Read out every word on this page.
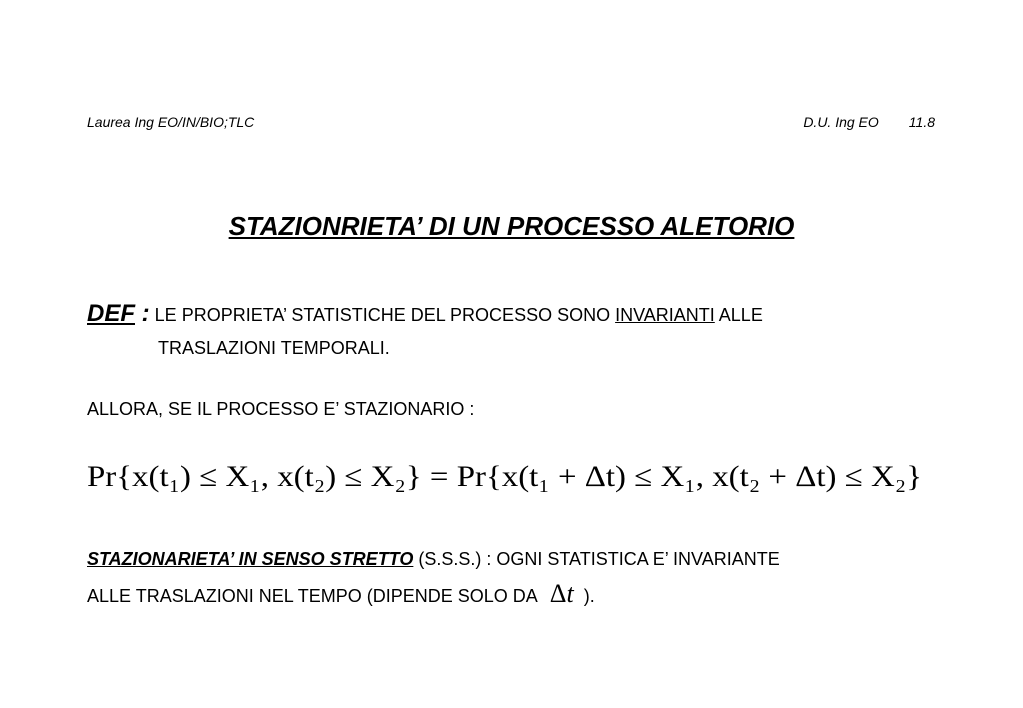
Laurea Ing EO/IN/BIO;TLC	D.U. Ing EO 11.8
STAZIONRIETA’ DI UN PROCESSO ALETORIO
DEF : LE PROPRIETA’ STATISTICHE DEL PROCESSO SONO INVARIANTI ALLE
TRASLAZIONI TEMPORALI.
ALLORA, SE IL PROCESSO E’ STAZIONARIO :
Pr{x(t₁) ≤ X₁, x(t₂) ≤ X₂} = Pr{x(t₁ + Δt) ≤ X₁, x(t₂ + Δt) ≤ X₂}
STAZIONARIETA’ IN SENSO STRETTO (S.S.S.) : OGNI STATISTICA E’ INVARIANTE
ALLE TRASLAZIONI NEL TEMPO (DIPENDE SOLO DA Δt ).
